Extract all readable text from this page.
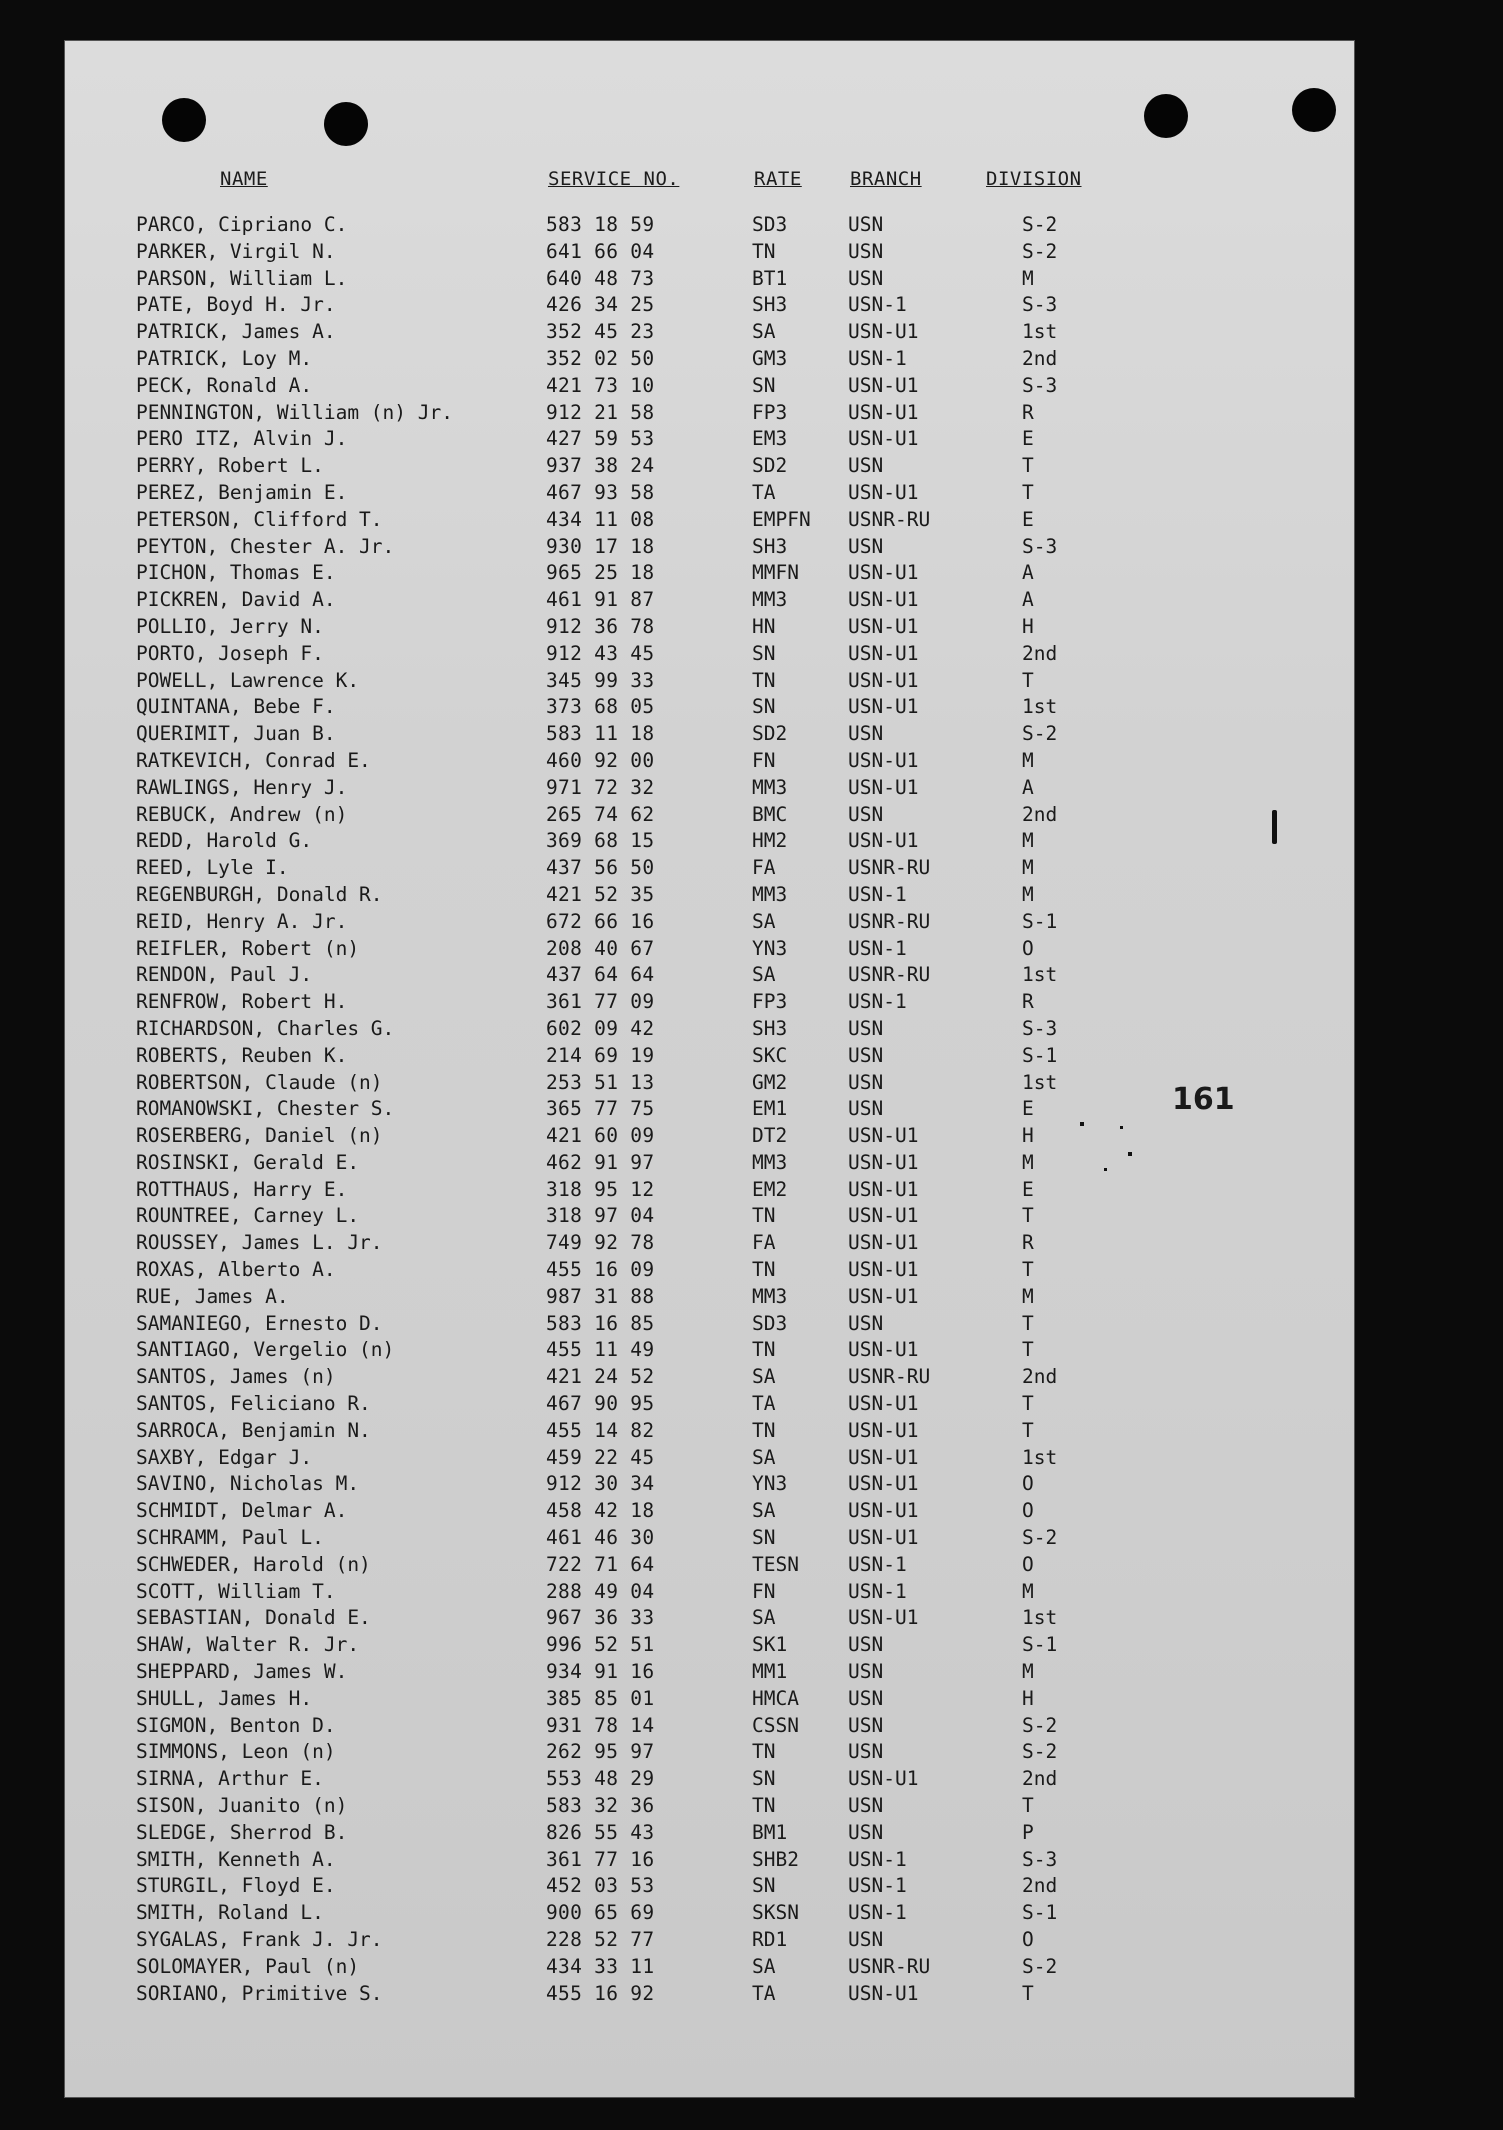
161
NAME	SERVICE NO.	RATE	BRANCH	DIVISION
PARCO, Cipriano C.	583 18 59	SD3	USN	S-2
PARKER, Virgil N.	641 66 04	TN	USN	S-2
PARSON, William L.	640 48 73	BT1	USN	M
PATE, Boyd H. Jr.	426 34 25	SH3	USN-1	S-3
PATRICK, James A.	352 45 23	SA	USN-U1	1st
PATRICK, Loy M.	352 02 50	GM3	USN-1	2nd
PECK, Ronald A.	421 73 10	SN	USN-U1	S-3
PENNINGTON, William (n) Jr.	912 21 58	FP3	USN-U1	R
PERO ITZ, Alvin J.	427 59 53	EM3	USN-U1	E
PERRY, Robert L.	937 38 24	SD2	USN	T
PEREZ, Benjamin E.	467 93 58	TA	USN-U1	T
PETERSON, Clifford T.	434 11 08	EMPFN USNR-RU	E
PEYTON, Chester A. Jr.	930 17 18	SH3	USN	S-3
PICHON, Thomas E.	965 25 18	MMFN	USN-U1	A
PICKREN, David A.	461 91 87	MM3	USN-U1	A
POLLIO, Jerry N.	912 36 78	HN	USN-U1	H
PORTO, Joseph F.	912 43 45	SN	USN-U1	2nd
POWELL, Lawrence K.	345 99 33	TN	USN-U1	T
QUINTANA, Bebe F.	373 68 05	SN	USN-U1	1st
QUERIMIT, Juan B.	583 11 18	SD2	USN	S-2
RATKEVICH, Conrad E.	460 92 00	FN	USN-U1	M
RAWLINGS, Henry J.	971 72 32	MM3	USN-U1	A
REBUCK, Andrew (n)	265 74 62	BMC	USN	2nd
REDD, Harold G.	369 68 15	HM2	USN-U1	M
REED, Lyle I.	437 56 50	FA	USNR-RU	M
REGENBURGH, Donald R.	421 52 35	MM3	USN-1	M
REID, Henry A. Jr.	672 66 16	SA	USNR-RU	S-1
REIFLER, Robert (n)	208 40 67	YN3	USN-1	O
RENDON, Paul J.	437 64 64	SA	USNR-RU	1st
RENFROW, Robert H.	361 77 09	FP3	USN-1	R
RICHARDSON, Charles G.	602 09 42	SH3	USN	S-3
ROBERTS, Reuben K.	214 69 19	SKC	USN	S-1
ROBERTSON, Claude (n)	253 51 13	GM2	USN	1st
ROMANOWSKI, Chester S.	365 77 75	EM1	USN	E
ROSERBERG, Daniel (n)	421 60 09	DT2	USN-U1	H
ROSINSKI, Gerald E.	462 91 97	MM3	USN-U1	M
ROTTHAUS, Harry E.	318 95 12	EM2	USN-U1	E
ROUNTREE, Carney L.	318 97 04	TN	USN-U1	T
ROUSSEY, James L. Jr.	749 92 78	FA	USN-U1	R
ROXAS, Alberto A.	455 16 09	TN	USN-U1	T
RUE, James A.	987 31 88	MM3	USN-U1	M
SAMANIEGO, Ernesto D.	583 16 85	SD3	USN	T
SANTIAGO, Vergelio (n)	455 11 49	TN	USN-U1	T
SANTOS, James (n)	421 24 52	SA	USNR-RU	2nd
SANTOS, Feliciano R.	467 90 95	TA	USN-U1	T
SARROCA, Benjamin N.	455 14 82	TN	USN-U1	T
SAXBY, Edgar J.	459 22 45	SA	USN-U1	1st
SAVINO, Nicholas M.	912 30 34	YN3	USN-U1	O
SCHMIDT, Delmar A.	458 42 18	SA	USN-U1	O
SCHRAMM, Paul L.	461 46 30	SN	USN-U1	S-2
SCHWEDER, Harold (n)	722 71 64	TESN	USN-1	O
SCOTT, William T.	288 49 04	FN	USN-1	M
SEBASTIAN, Donald E.	967 36 33	SA	USN-U1	1st
SHAW, Walter R. Jr.	996 52 51	SK1	USN	S-1
SHEPPARD, James W.	934 91 16	MM1	USN	M
SHULL, James H.	385 85 01	HMCA	USN	H
SIGMON, Benton D.	931 78 14	CSSN	USN	S-2
SIMMONS, Leon (n)	262 95 97	TN	USN	S-2
SIRNA, Arthur E.	553 48 29	SN	USN-U1	2nd
SISON, Juanito (n)	583 32 36	TN	USN	T
SLEDGE, Sherrod B.	826 55 43	BM1	USN	P
SMITH, Kenneth A.	361 77 16	SHB2	USN-1	S-3
STURGIL, Floyd E.	452 03 53	SN	USN-1	2nd
SMITH, Roland L.	900 65 69	SKSN	USN-1	S-1
SYGALAS, Frank J. Jr.	228 52 77	RD1	USN	O
SOLOMAYER, Paul (n)	434 33 11	SA	USNR-RU	S-2
SORIANO, Primitive S.	455 16 92	TA	USN-U1	T
